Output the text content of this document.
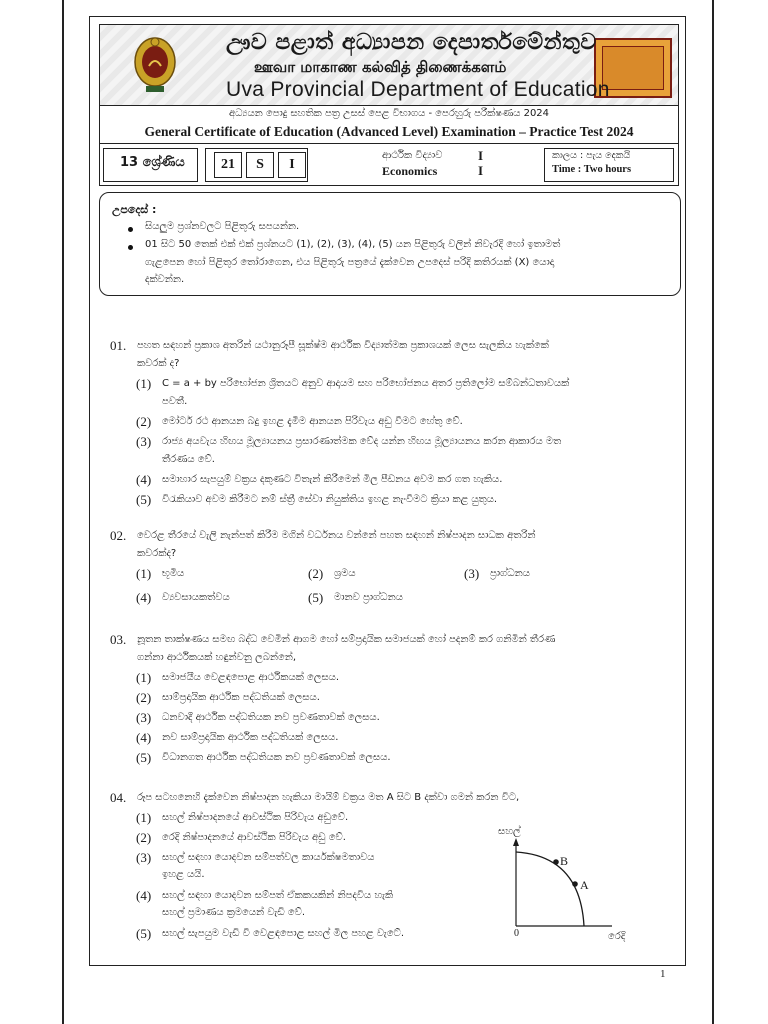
ඌව පළාත් අධ්‍යාපන දෙපාර්තමේන්තුව
ஊவா மாகாண கல்வித் திணைக்களம்
Uva Provincial Department of Education
අධ්‍යයන පොදු සහතික පත්‍ර උසස් පෙළ විභාගය - පෙරහුරු පරීක්ෂණය 2024
General Certificate of Education (Advanced Level) Examination – Practice Test 2024
13 ශ්‍රේණිය	21	S	I
ආර්ථික විද්‍යාව
Economics
I
I
කාලය : පැය දෙකයි
Time : Two hours
උපදෙස් :
සියලුම ප්‍රශ්නවලට පිළිතුරු සපයන්න.
01 සිට 50 තෙක් එක් එක් ප්‍රශ්නයට (1), (2), (3), (4), (5) යන පිළිතුරු වලින් නිවැරදි හෝ ඉතාමත්
ගැළපෙන හෝ පිළිතුර තෝරාගෙන, එය පිළිතුරු පත්‍රයේ දැක්වෙන උපදෙස් පරිදි කතිරයක් (X) යොදා
දක්වන්න.
01. පහත සඳහන් ප්‍රකාශ අතරින් යථානුරූපී සූක්ෂ්ම ආර්ථික විද්‍යාත්මක ප්‍රකාශයක් ලෙස සැලකිය හැක්කේ
කවරක් ද?
(1) C = a + by පරිභෝජන ශ්‍රිතයට අනුව ආදායම සහ පරිභෝජනය අතර ප්‍රතිලෝම සම්බන්ධතාවයක්
පවතී.
(2) මෝටර් රථ ආනයන බදු ඉහළ දැමීම ආනයන පිරිවැය අඩු වීමට හේතු වේ.
(3) රාජ්‍ය අයවැය හිඟය මූල්‍යායනය ප්‍රසාරණාත්මක වේද යන්න හිඟය මූල්‍යායනය කරන ආකාරය මත
තීරණය වේ.
(4) සමාහාර සැපයුම් වක්‍රය දකුණට විතැන් කිරීමෙන් මිල පීඩනය අවම කර ගත හැකිය.
(5) විරැකියාව අවම කිරීමට නම් ස්ත්‍රී සේවා නියුක්තිය ඉහළ නැංවීමට ක්‍රියා කළ යුතුය.
02. වෙරළ තීරයේ වැලි නැන්පත් කිරීම මගින් වර්ධනය වන්නේ පහත සඳහන් නිෂ්පාදන සාධක අතරින්
කවරක්ද?
(1) භූමිය	(2) ශ්‍රමය	(3) ප්‍රාග්ධනය
(4) ව්‍යවසායකත්වය	(5) මානව ප්‍රාග්ධනය
03. නූතන තාක්ෂණය සමඟ බද්ධ වෙමින් ආගම හෝ සම්ප්‍රදායික සමාජයක් හෝ පදනම් කර ගනිමින් තීරණ
ගන්නා ආර්ථිකයක් හඳුන්වනු ලබන්නේ,
(1) සමාජයීය වෙළඳපොළ ආර්ථිකයක් ලෙසය.
(2) සාම්ප්‍රදායික ආර්ථික පද්ධතියක් ලෙසය.
(3) ධනවාදී ආර්ථික පද්ධතියක නව ප්‍රවණතාවක් ලෙසය.
(4) නව සාම්ප්‍රදායික ආර්ථික පද්ධතියක් ලෙසය.
(5) විධානගත ආර්ථික පද්ධතියක නව ප්‍රවණතාවක් ලෙසය.
04. රූප සටහනෙහි දැක්වෙන නිෂ්පාදන හැකියා මායිම් වක්‍රය මත A සිට B දක්වා ගමන් කරන විට,
(1) සහල් නිෂ්පාදනයේ ආවස්ථික පිරිවැය අඩුවේ.
(2) රෙදි නිෂ්පාදනයේ ආවස්ථික පිරිවැය අඩු වේ.
(3) සහල් සඳහා යොදවන සම්පත්වල කාර්යක්ෂමතාවය
ඉහළ යයි.
(4) සහල් සඳහා යොදවන සම්පත් ඒකකයකින් නිපදවිය හැකි
සහල් ප්‍රමාණය ක්‍රමයෙන් වැඩි වේ.
(5) සහල් සැපයුම වැඩි වී වෙළඳපොළ සහල් මිල පහළ වැටේ.
සහල්
B
A
0	රෙදි
1
